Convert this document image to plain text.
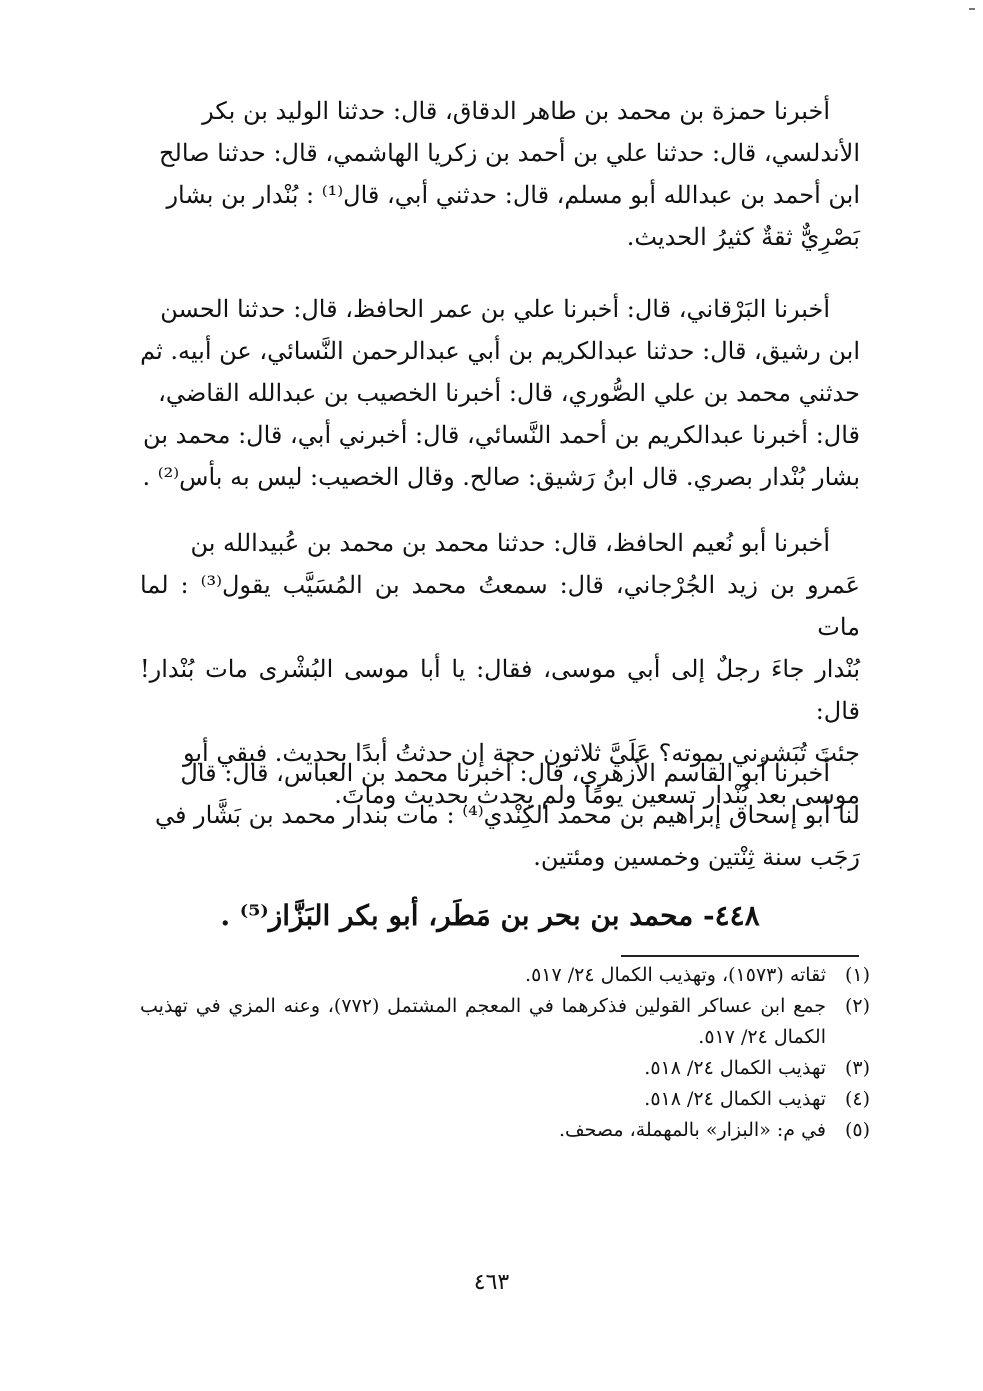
أخبرنا حمزة بن محمد بن طاهر الدقاق، قال: حدثنا الوليد بن بكر

الأندلسي، قال: حدثنا علي بن أحمد بن زكريا الهاشمي، قال: حدثنا صالح

ابن أحمد بن عبدالله أبو مسلم، قال: حدثني أبي، قال⁽¹⁾ : بُنْدار بن بشار

بَصْرِيٌّ ثقةٌ كثيرُ الحديث.

أخبرنا البَرْقاني، قال: أخبرنا علي بن عمر الحافظ، قال: حدثنا الحسن

ابن رشيق، قال: حدثنا عبدالكريم بن أبي عبدالرحمن النَّسائي، عن أبيه. ثم

حدثني محمد بن علي الصُّوري، قال: أخبرنا الخصيب بن عبدالله القاضي،

قال: أخبرنا عبدالكريم بن أحمد النَّسائي، قال: أخبرني أبي، قال: محمد بن

بشار بُنْدار بصري. قال ابنُ رَشيق: صالح. وقال الخصيب: ليس به بأس⁽²⁾ .

أخبرنا أبو نُعيم الحافظ، قال: حدثنا محمد بن محمد بن عُبيدالله بن

عَمرو بن زيد الجُرْجاني، قال: سمعتُ محمد بن المُسَيَّب يقول⁽³⁾ : لما مات

بُنْدار جاءَ رجلٌ إلى أبي موسى، فقال: يا أبا موسى البُشْرى مات بُنْدار! قال:

جئتَ تُبَشرني بموته؟ عَلَيَّ ثلاثون حجة إن حدثتُ أبدًا بحديث. فبقي أبو

موسى بعد بُنْدار تسعين يومًا ولم يحدث بحديث وماتَ.

أخبرنا أبو القاسم الأزهري، قال: أخبرنا محمد بن العباس، قال: قال

لنا أبو إسحاق إبراهيم بن محمد الكِنْدي⁽⁴⁾ : مات بندار محمد بن بَشَّار في

رَجَب سنة ثِنْتين وخمسين ومئتين.

٤٤٨- محمد بن بحر بن مَطَر، أبو بكر البَزَّاز⁽⁵⁾ .
(١)
ثقاته (١٥٧٣)، وتهذيب الكمال ٢٤/ ٥١٧.
(٢)
جمع ابن عساكر القولين فذكرهما في المعجم المشتمل (٧٧٢)، وعنه المزي في تهذيب الكمال ٢٤/ ٥١٧.
(٣)
تهذيب الكمال ٢٤/ ٥١٨.
(٤)
تهذيب الكمال ٢٤/ ٥١٨.
(٥)
في م: «البزار» بالمهملة، مصحف.
٤٦٣
